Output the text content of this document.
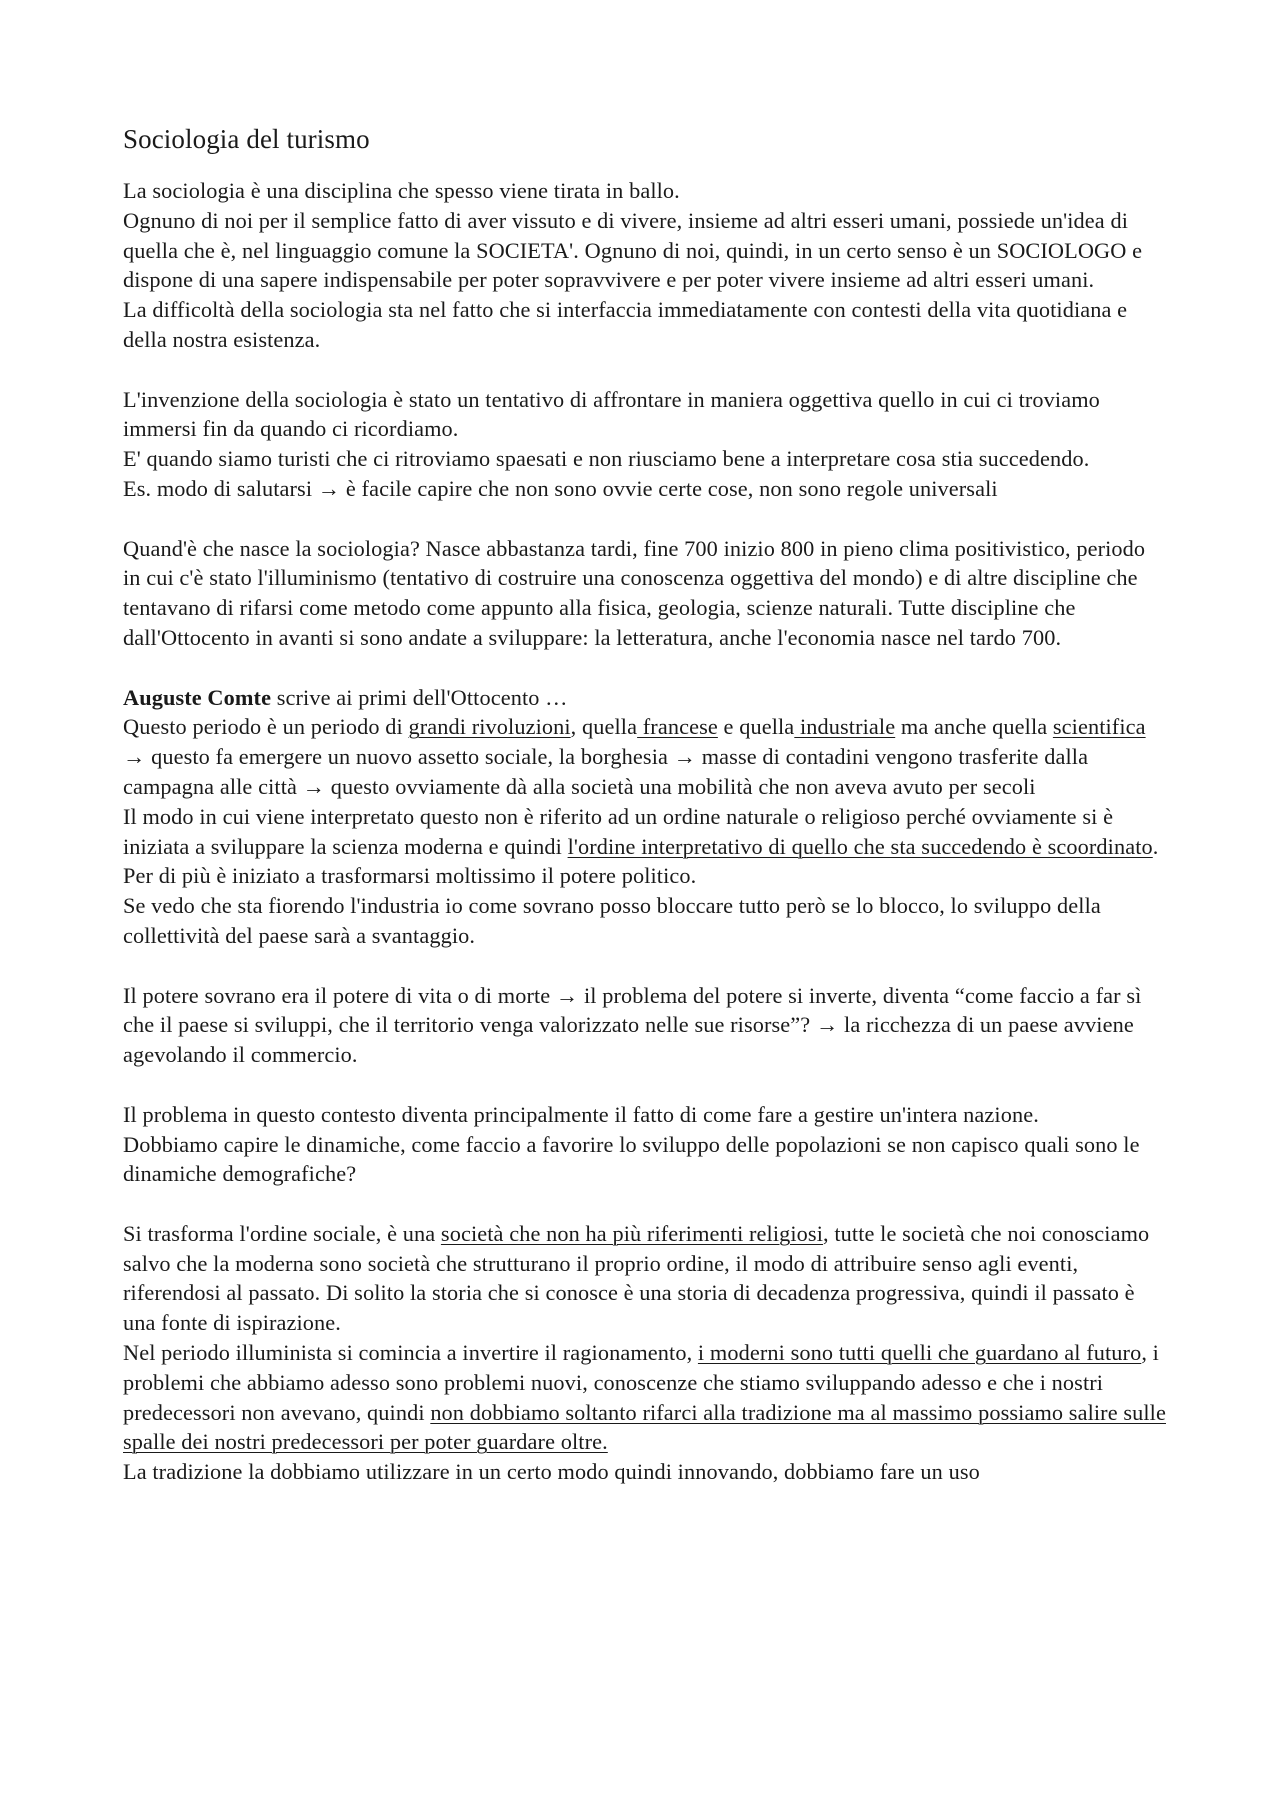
Sociologia del turismo

La sociologia è una disciplina che spesso viene tirata in ballo.

Ognuno di noi per il semplice fatto di aver vissuto e di vivere, insieme ad altri esseri umani, possiede un'idea di quella che è, nel linguaggio comune la SOCIETA'. Ognuno di noi, quindi, in un certo senso è un SOCIOLOGO e dispone di una sapere indispensabile per poter sopravvivere e per poter vivere insieme ad altri esseri umani.

La difficoltà della sociologia sta nel fatto che si interfaccia immediatamente con contesti della vita quotidiana e della nostra esistenza.

L'invenzione della sociologia è stato un tentativo di affrontare in maniera oggettiva quello in cui ci troviamo immersi fin da quando ci ricordiamo.

E' quando siamo turisti che ci ritroviamo spaesati e non riusciamo bene a interpretare cosa stia succedendo.

Es. modo di salutarsi → è facile capire che non sono ovvie certe cose, non sono regole universali

Quand'è che nasce la sociologia? Nasce abbastanza tardi, fine 700 inizio 800 in pieno clima positivistico, periodo in cui c'è stato l'illuminismo (tentativo di costruire una conoscenza oggettiva del mondo) e di altre discipline che tentavano di rifarsi come metodo come appunto alla fisica, geologia, scienze naturali. Tutte discipline che dall'Ottocento in avanti si sono andate a sviluppare: la letteratura, anche l'economia nasce nel tardo 700.

Auguste Comte scrive ai primi dell'Ottocento …

Questo periodo è un periodo di grandi rivoluzioni, quella francese e quella industriale ma anche quella scientifica → questo fa emergere un nuovo assetto sociale, la borghesia → masse di contadini vengono trasferite dalla campagna alle città → questo ovviamente dà alla società una mobilità che non aveva avuto per secoli

Il modo in cui viene interpretato questo non è riferito ad un ordine naturale o religioso perché ovviamente si è iniziata a sviluppare la scienza moderna e quindi l'ordine interpretativo di quello che sta succedendo è scoordinato. Per di più è iniziato a trasformarsi moltissimo il potere politico.

Se vedo che sta fiorendo l'industria io come sovrano posso bloccare tutto però se lo blocco, lo sviluppo della collettività del paese sarà a svantaggio.

Il potere sovrano era il potere di vita o di morte → il problema del potere si inverte, diventa “come faccio a far sì che il paese si sviluppi, che il territorio venga valorizzato nelle sue risorse”? → la ricchezza di un paese avviene agevolando il commercio.

Il problema in questo contesto diventa principalmente il fatto di come fare a gestire un'intera nazione.

Dobbiamo capire le dinamiche, come faccio a favorire lo sviluppo delle popolazioni se non capisco quali sono le dinamiche demografiche?

Si trasforma l'ordine sociale, è una società che non ha più riferimenti religiosi, tutte le società che noi conosciamo salvo che la moderna sono società che strutturano il proprio ordine, il modo di attribuire senso agli eventi, riferendosi al passato. Di solito la storia che si conosce è una storia di decadenza progressiva, quindi il passato è una fonte di ispirazione.

Nel periodo illuminista si comincia a invertire il ragionamento, i moderni sono tutti quelli che guardano al futuro, i problemi che abbiamo adesso sono problemi nuovi, conoscenze che stiamo sviluppando adesso e che i nostri predecessori non avevano, quindi non dobbiamo soltanto rifarci alla tradizione ma al massimo possiamo salire sulle spalle dei nostri predecessori per poter guardare oltre.

La tradizione la dobbiamo utilizzare in un certo modo quindi innovando, dobbiamo fare un uso
